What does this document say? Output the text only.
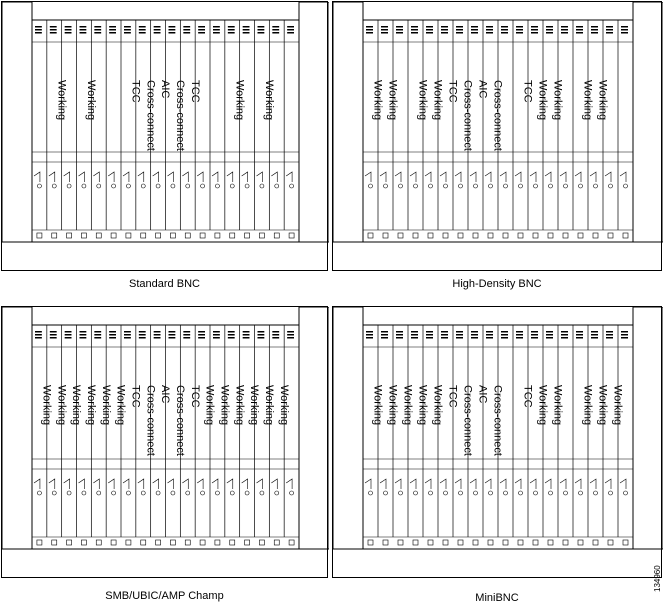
Working Working	TCC Cross-connect AIC Cross-connect TCC	Working Working
Standard BNC
Working Working Working Working TCC Cross-connect AIC Cross-connect TCC Working Working Working Working
High-Density BNC
Working Working Working Working Working Working TCC Cross-connect AIC Cross-connect TCC Working Working Working Working Working Working
SMB/UBIC/AMP Champ
Working Working Working Working Working TCC Cross-connect AIC Cross-connect TCC Working Working Working Working Working
MiniBNC
134960
